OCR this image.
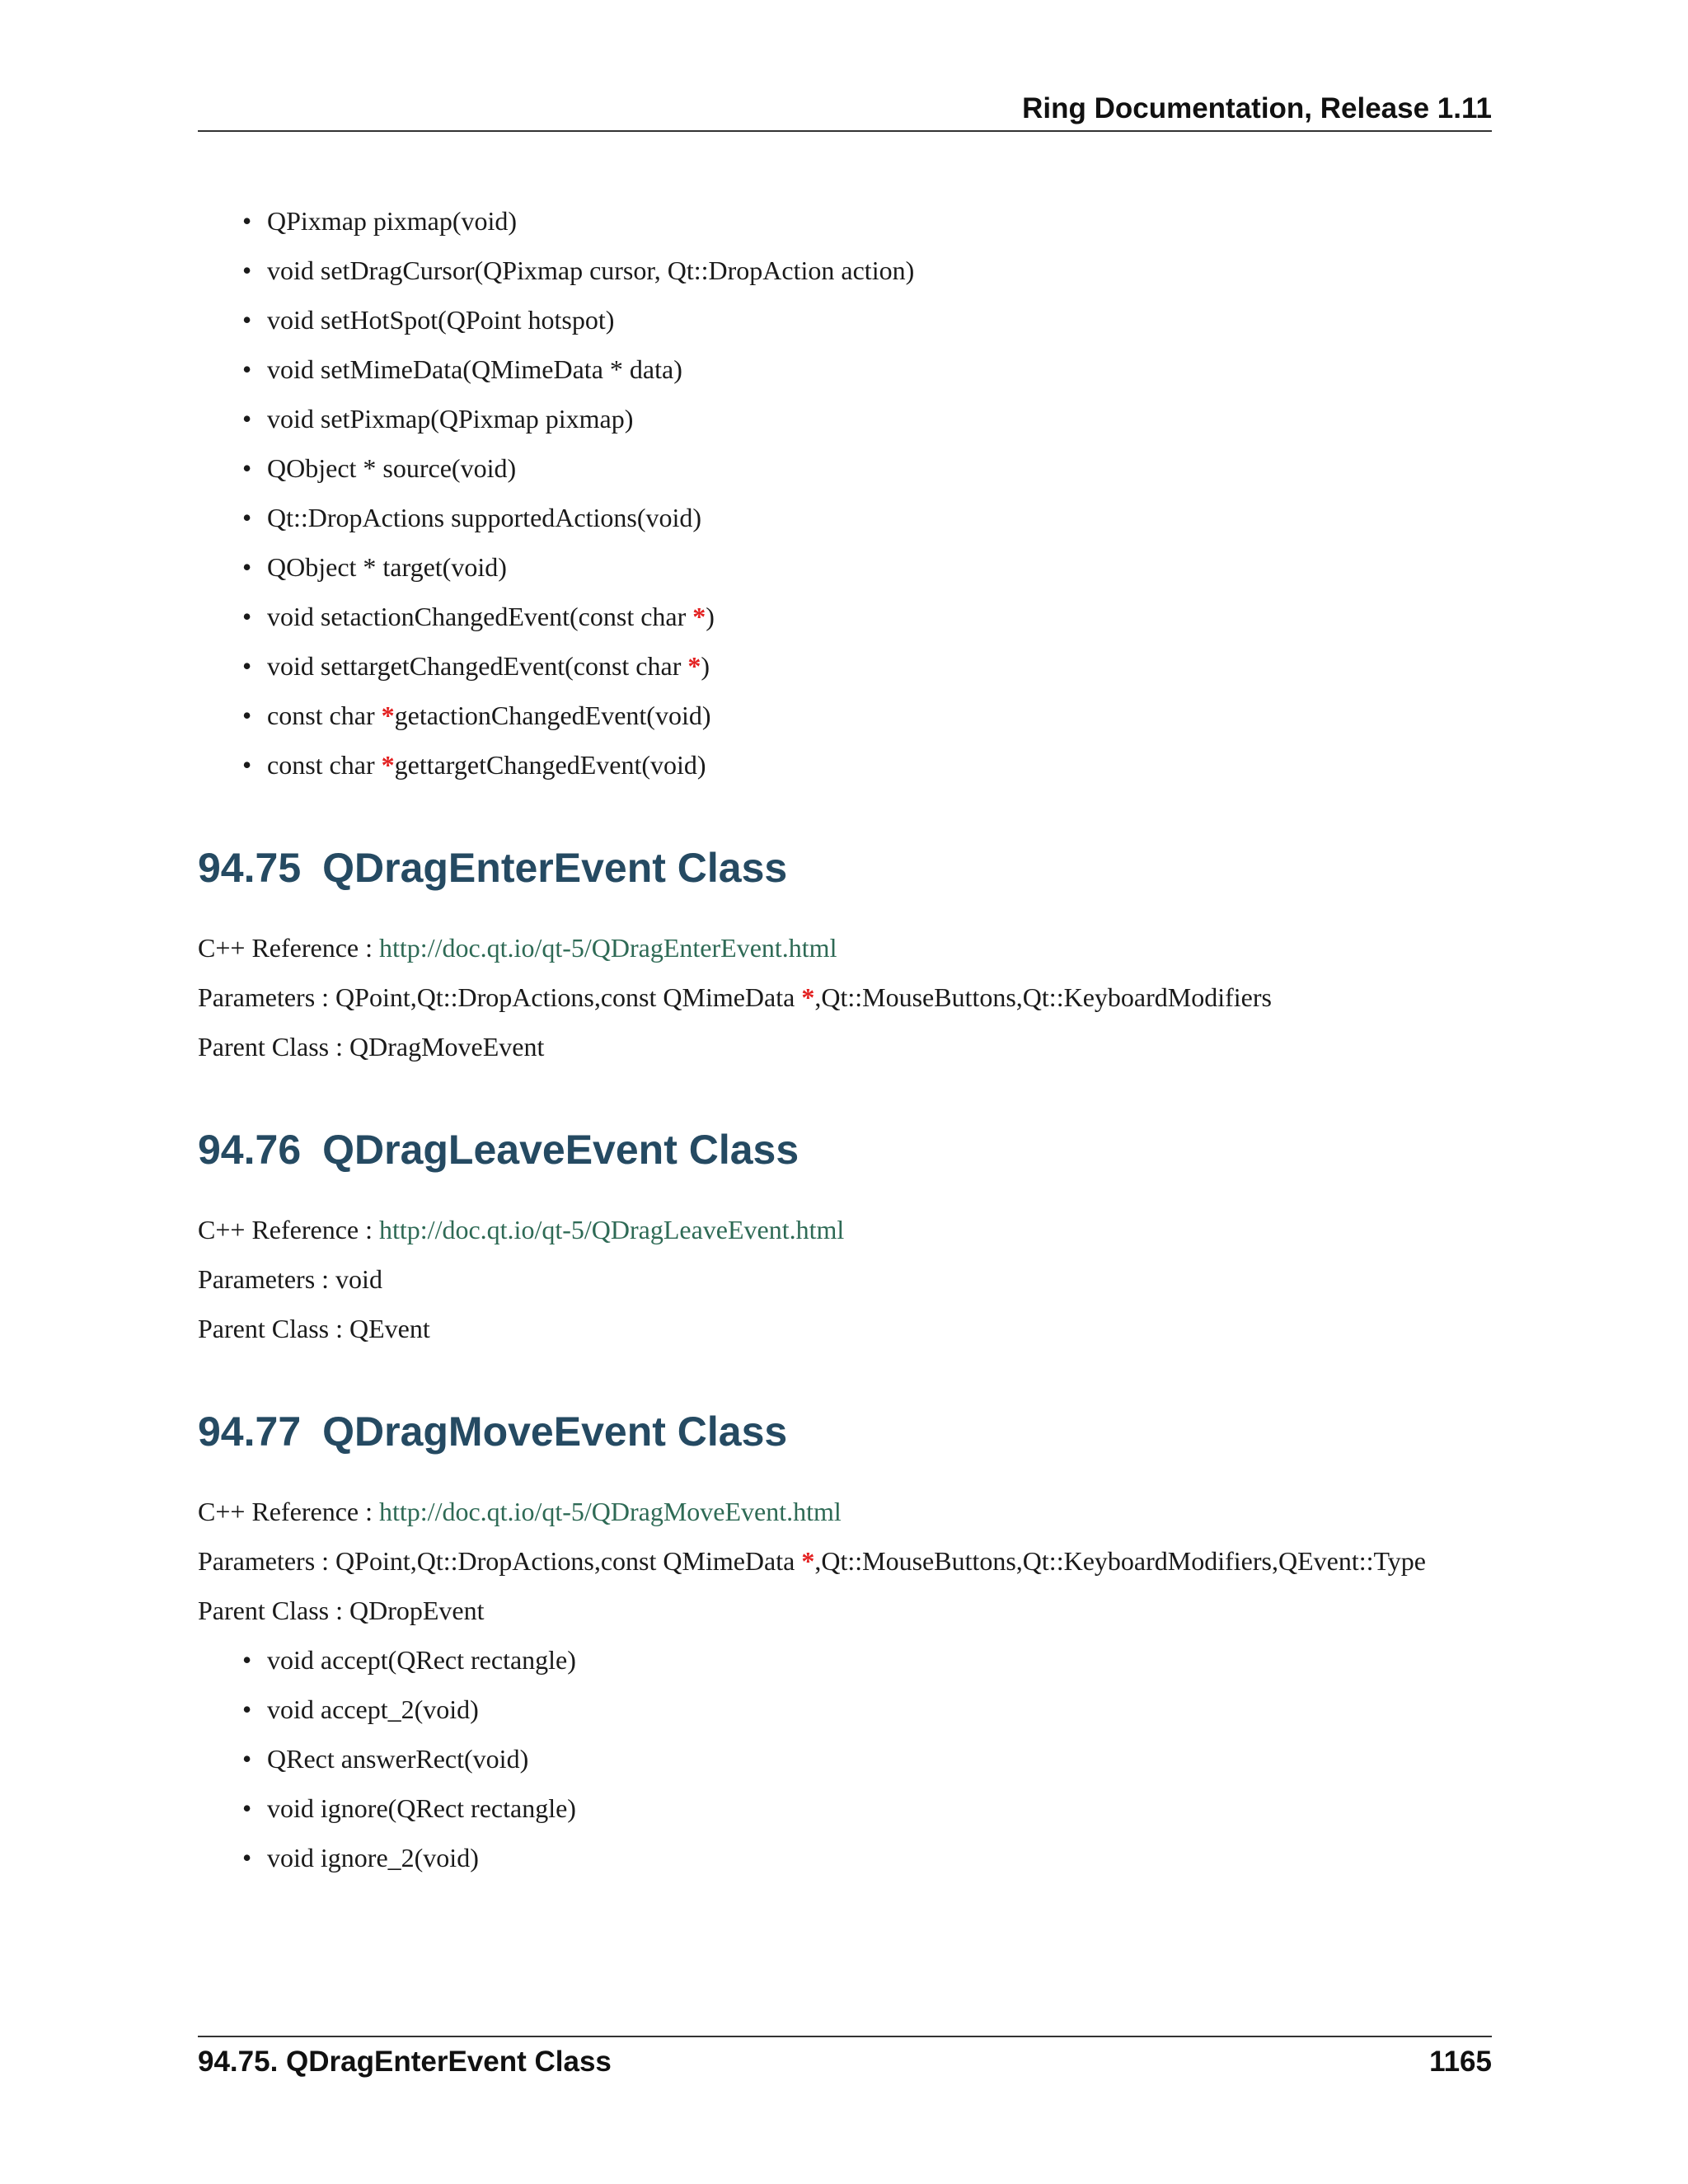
Ring Documentation, Release 1.11
• QPixmap pixmap(void)
• void setDragCursor(QPixmap cursor, Qt::DropAction action)
• void setHotSpot(QPoint hotspot)
• void setMimeData(QMimeData * data)
• void setPixmap(QPixmap pixmap)
• QObject * source(void)
• Qt::DropActions supportedActions(void)
• QObject * target(void)
• void setactionChangedEvent(const char *)
• void settargetChangedEvent(const char *)
• const char *getactionChangedEvent(void)
• const char *gettargetChangedEvent(void)
94.75 QDragEnterEvent Class
C++ Reference : http://doc.qt.io/qt-5/QDragEnterEvent.html
Parameters : QPoint,Qt::DropActions,const QMimeData *,Qt::MouseButtons,Qt::KeyboardModifiers
Parent Class : QDragMoveEvent
94.76 QDragLeaveEvent Class
C++ Reference : http://doc.qt.io/qt-5/QDragLeaveEvent.html
Parameters : void
Parent Class : QEvent
94.77 QDragMoveEvent Class
C++ Reference : http://doc.qt.io/qt-5/QDragMoveEvent.html
Parameters : QPoint,Qt::DropActions,const QMimeData *,Qt::MouseButtons,Qt::KeyboardModifiers,QEvent::Type
Parent Class : QDropEvent
• void accept(QRect rectangle)
• void accept_2(void)
• QRect answerRect(void)
• void ignore(QRect rectangle)
• void ignore_2(void)
94.75. QDragEnterEvent Class	1165
